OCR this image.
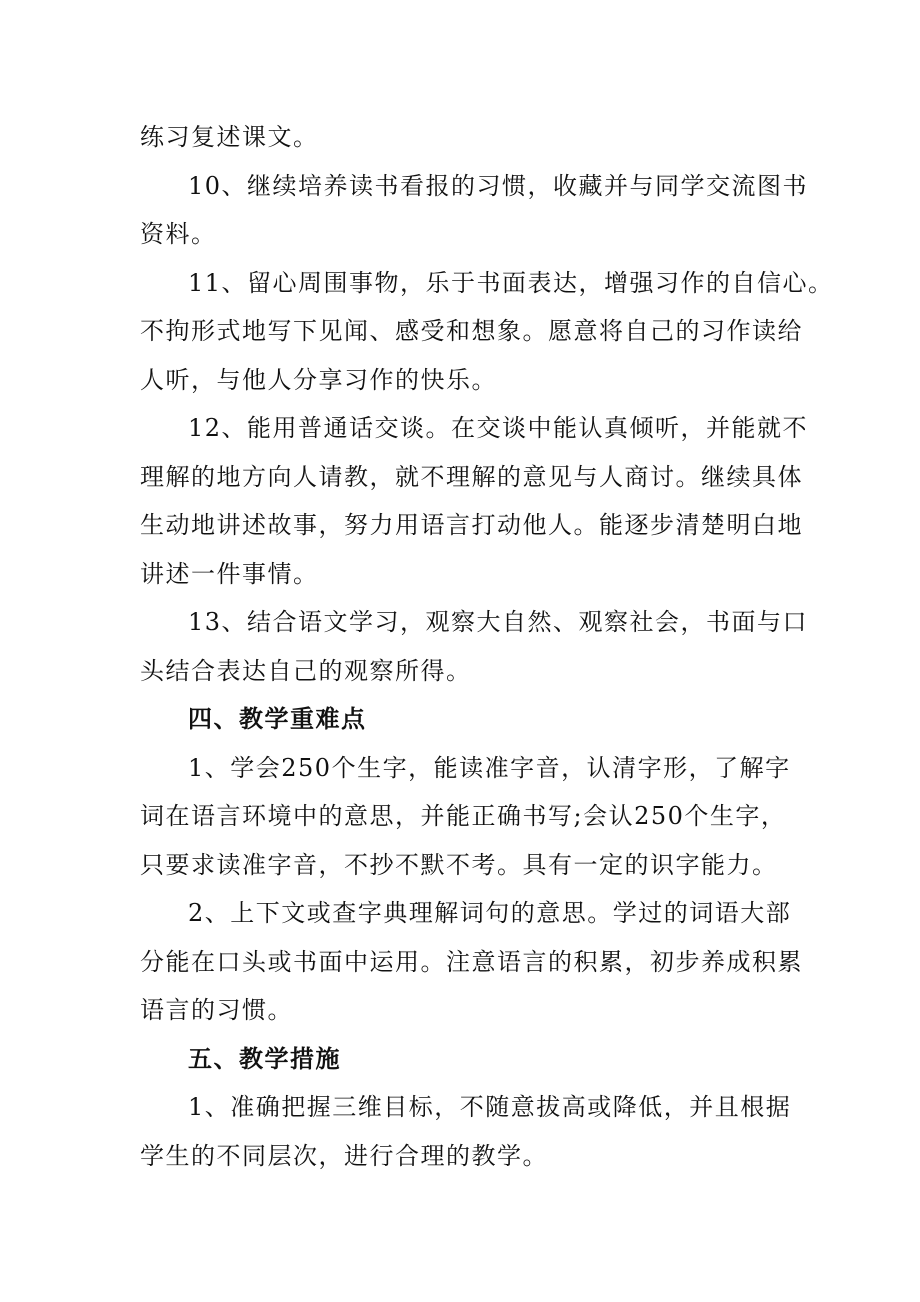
练习复述课文。
10、继续培养读书看报的习惯，收藏并与同学交流图书
资料。
11、留心周围事物，乐于书面表达，增强习作的自信心。
不拘形式地写下见闻、感受和想象。愿意将自己的习作读给
人听，与他人分享习作的快乐。
12、能用普通话交谈。在交谈中能认真倾听，并能就不
理解的地方向人请教，就不理解的意见与人商讨。继续具体
生动地讲述故事，努力用语言打动他人。能逐步清楚明白地
讲述一件事情。
13、结合语文学习，观察大自然、观察社会，书面与口
头结合表达自己的观察所得。
四、教学重难点
1、学会250个生字，能读准字音，认清字形，了解字
词在语言环境中的意思，并能正确书写;会认250个生字，
只要求读准字音，不抄不默不考。具有一定的识字能力。
2、上下文或查字典理解词句的意思。学过的词语大部
分能在口头或书面中运用。注意语言的积累，初步养成积累
语言的习惯。
五、教学措施
1、准确把握三维目标，不随意拔高或降低，并且根据
学生的不同层次，进行合理的教学。
